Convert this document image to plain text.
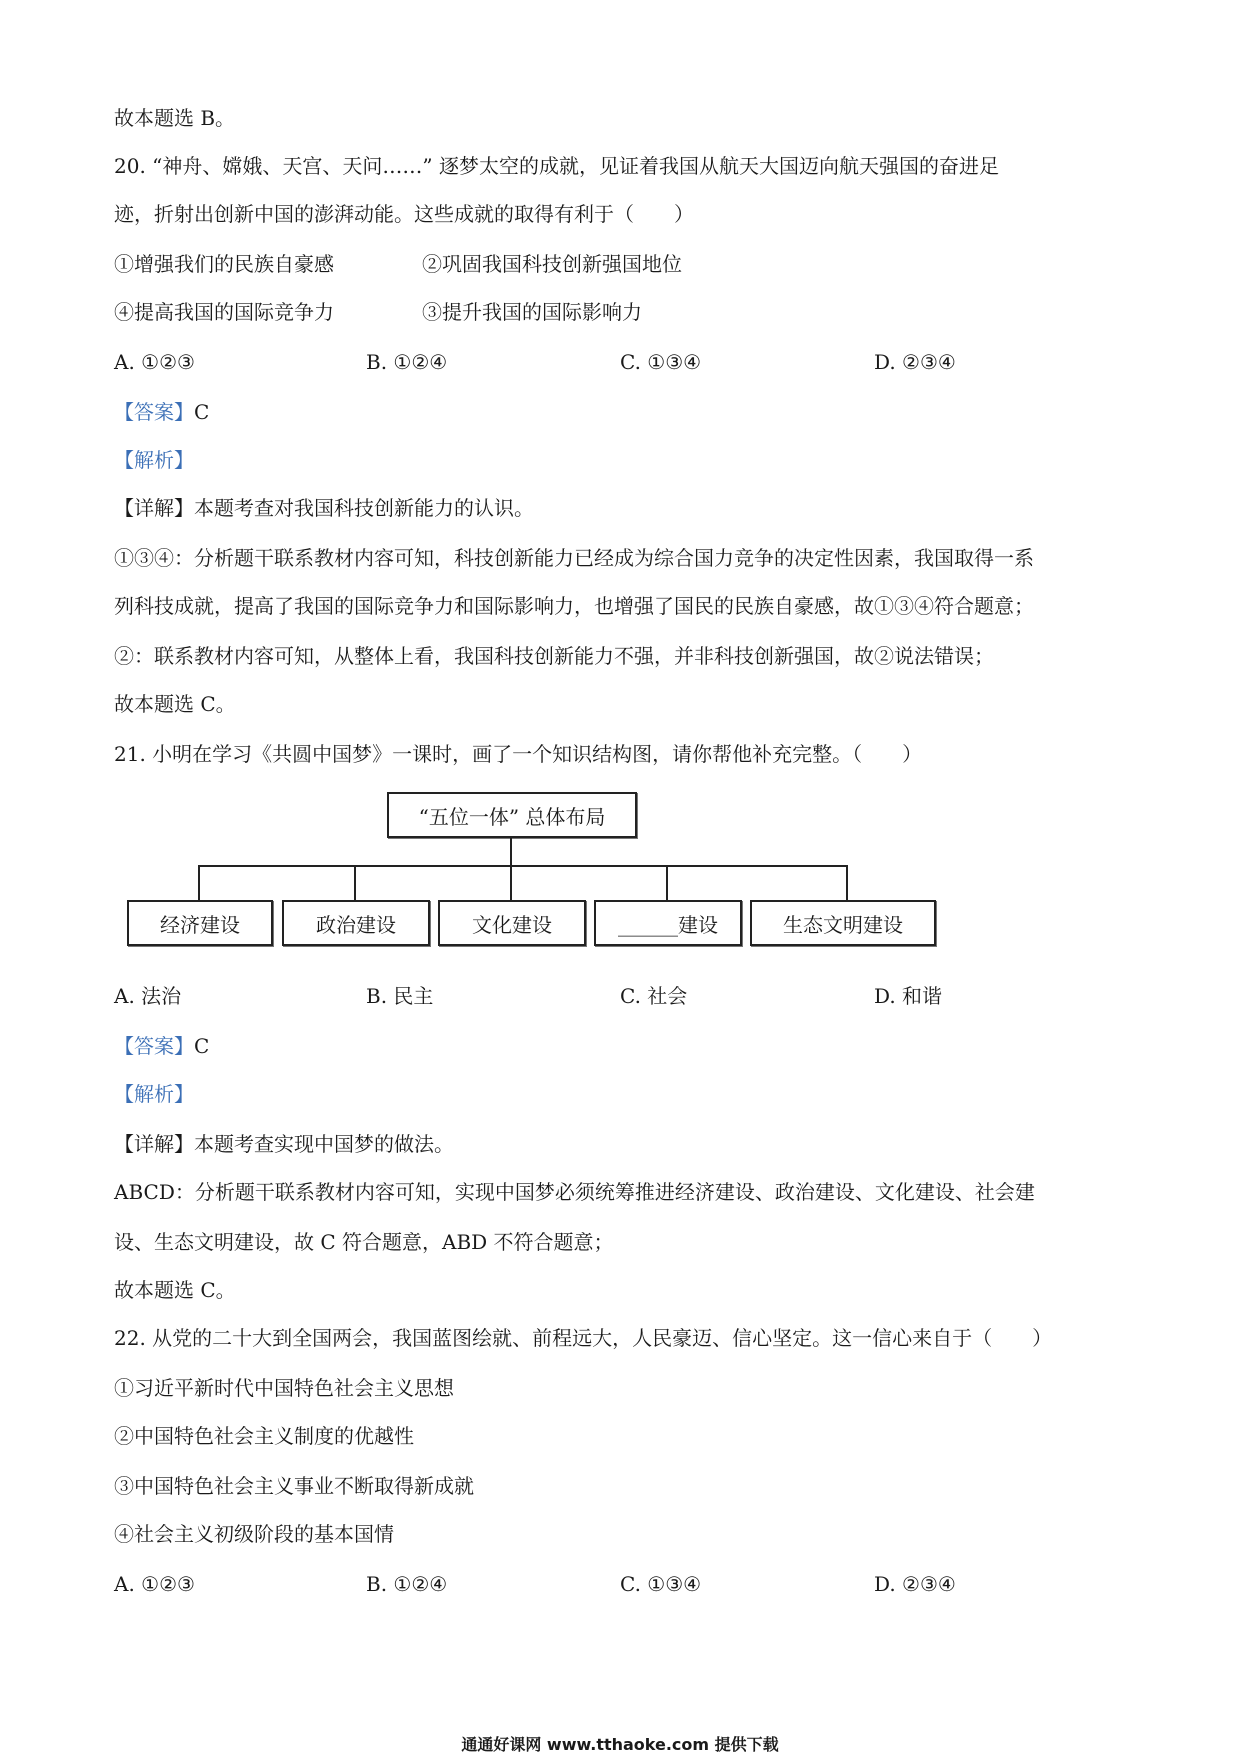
故本题选 B。
20. “神舟、嫦娥、天宫、天问……” 逐梦太空的成就，见证着我国从航天大国迈向航天强国的奋进足
迹，折射出创新中国的澎湃动能。这些成就的取得有利于（　　）
①增强我们的民族自豪感	②巩固我国科技创新强国地位
④提高我国的国际竞争力	③提升我国的国际影响力
A. ①②③	B. ①②④	C. ①③④	D. ②③④
【答案】C
【解析】
【详解】本题考查对我国科技创新能力的认识。
①③④：分析题干联系教材内容可知，科技创新能力已经成为综合国力竞争的决定性因素，我国取得一系
列科技成就，提高了我国的国际竞争力和国际影响力，也增强了国民的民族自豪感，故①③④符合题意；
②：联系教材内容可知，从整体上看，我国科技创新能力不强，并非科技创新强国，故②说法错误；
故本题选 C。
21. 小明在学习《共圆中国梦》一课时，画了一个知识结构图，请你帮他补充完整。（　　）
“五位一体” 总体布局
经济建设	政治建设	文化建设	______建设	生态文明建设
A. 法治	B. 民主	C. 社会	D. 和谐
【答案】C
【解析】
【详解】本题考查实现中国梦的做法。
ABCD：分析题干联系教材内容可知，实现中国梦必须统筹推进经济建设、政治建设、文化建设、社会建
设、生态文明建设，故 C 符合题意，ABD 不符合题意；
故本题选 C。
22. 从党的二十大到全国两会，我国蓝图绘就、前程远大，人民豪迈、信心坚定。这一信心来自于（　　）
①习近平新时代中国特色社会主义思想
②中国特色社会主义制度的优越性
③中国特色社会主义事业不断取得新成就
④社会主义初级阶段的基本国情
A. ①②③	B. ①②④	C. ①③④	D. ②③④
通通好课网 www.tthaoke.com 提供下载
